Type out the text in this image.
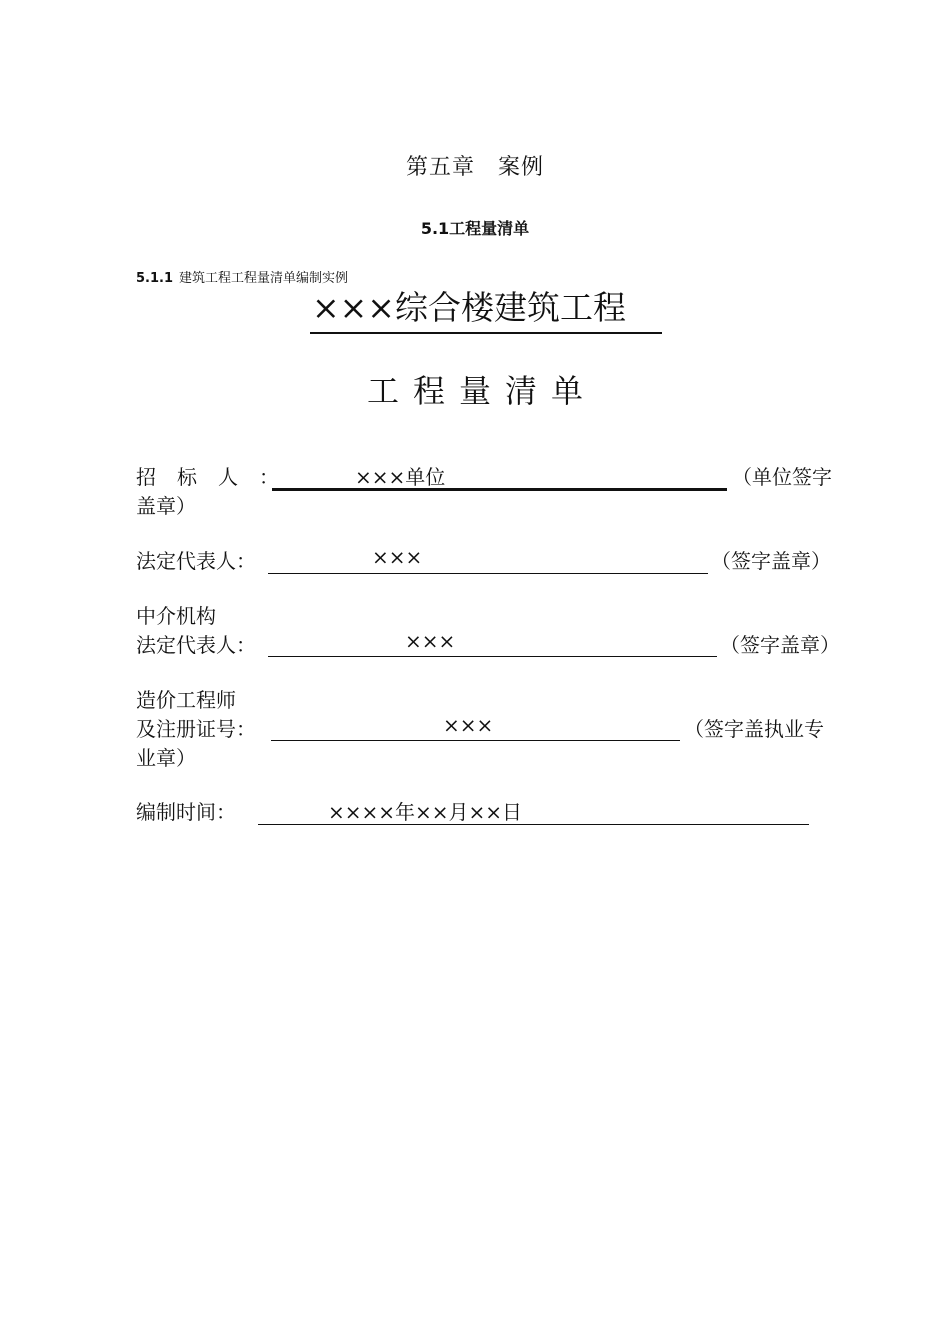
第五章　案例
5.1工程量清单
5.1.1 建筑工程工程量清单编制实例
×××综合楼建筑工程
工程量清单
招标人：	×××单位	（单位签字
盖章）
法定代表人：	×××	（签字盖章）
中介机构
法定代表人：	×××	（签字盖章）
造价工程师
及注册证号：	×××	（签字盖执业专
业章）
编制时间：	××××年××月××日
